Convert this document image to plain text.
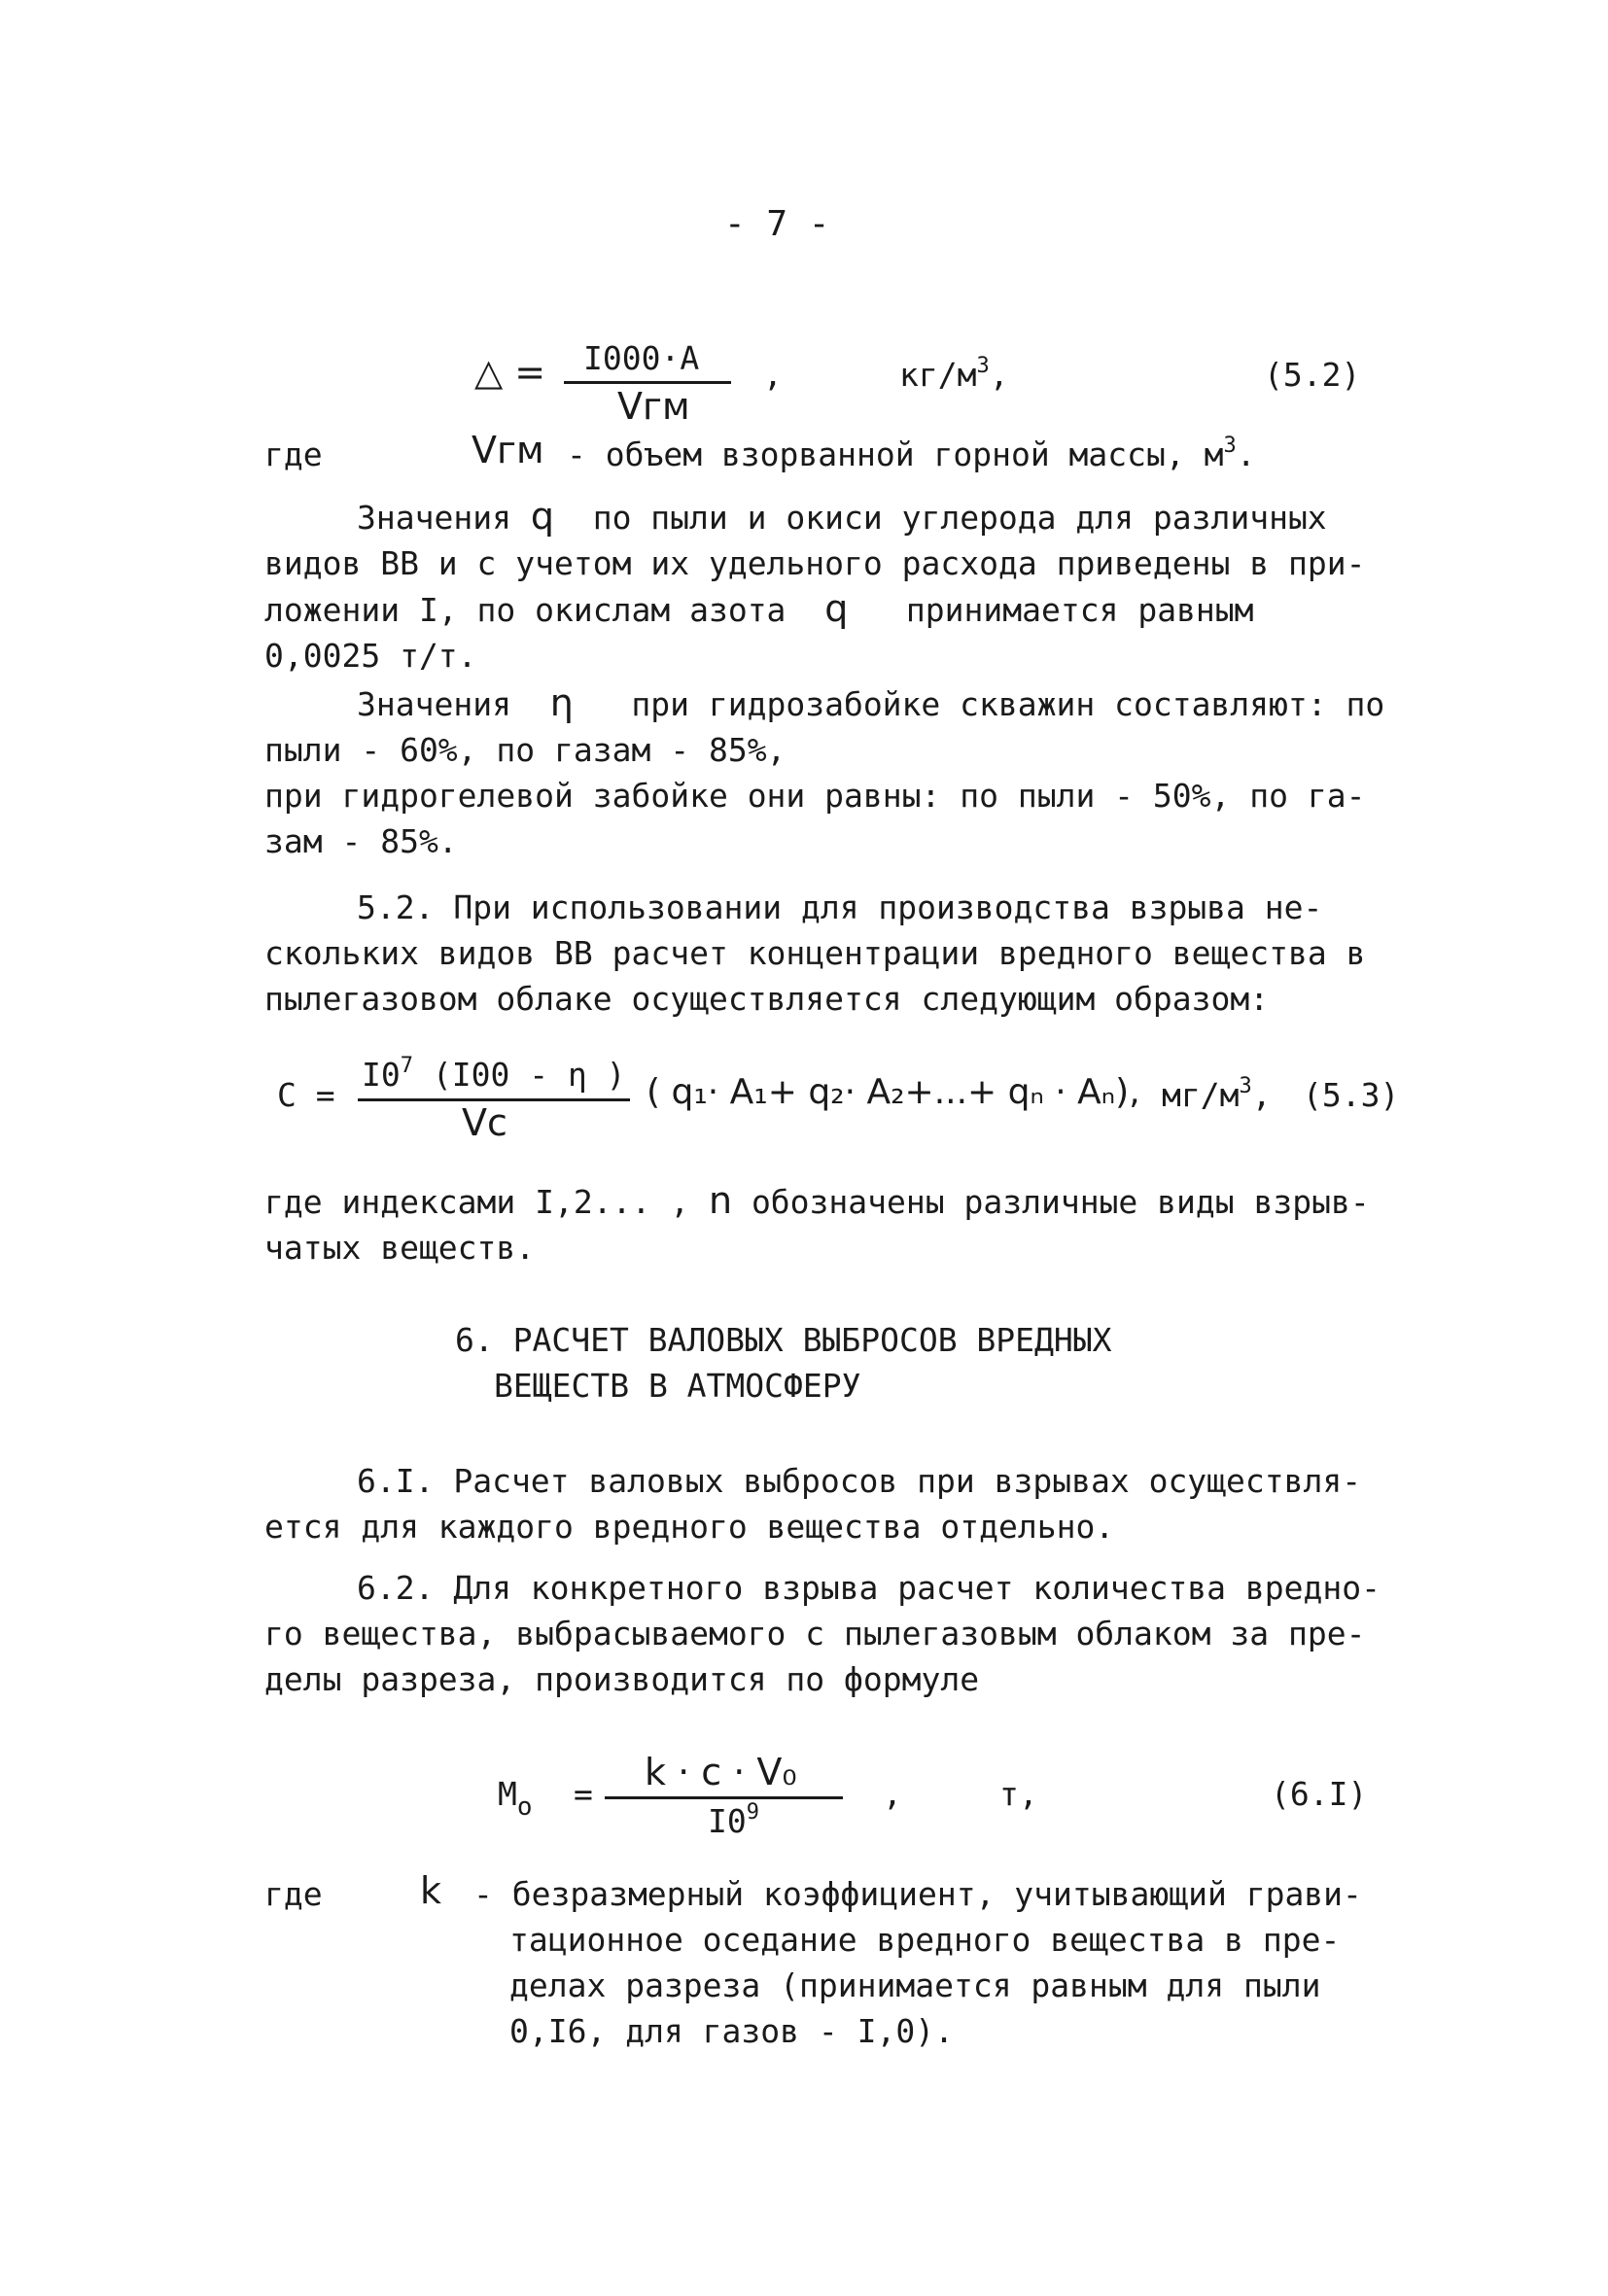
- 7 -
△ = I000·A
Vгм
,	$кг/м^3$,	(5.2)
где	Vгм - объем взорванной горной массы, $м^3$.
Значения q по пыли и окиси углерода для различных
видов ВВ и с учетом их удельного расхода приведены в при-
ложении I, по окислам азота q принимается равным
0,0025 т/т.
Значения η при гидрозабойке скважин составляют: по
пыли - 60%, по газам - 85%,
при гидрогелевой забойке они равны: по пыли - 50%, по га-
зам - 85%.
5.2. При использовании для производства взрыва не-
скольких видов ВВ расчет концентрации вредного вещества в
пылегазовом облаке осуществляется следующим образом:
C =
$I0^7$ (I00 - η )
Vc
( q₁· A₁+ q₂· A₂+...+ qₙ · Aₙ), $мг/м^3$, (5.3)
где индексами I,2... , n обозначены различные виды взрыв-
чатых веществ.
6. РАСЧЕТ ВАЛОВЫХ ВЫБРОСОВ ВРЕДНЫХ
ВЕЩЕСТВ В АТМОСФЕРУ
6.I. Расчет валовых выбросов при взрывах осуществля-
ется для каждого вредного вещества отдельно.
6.2. Для конкретного взрыва расчет количества вредно-
го вещества, выбрасываемого с пылегазовым облаком за пре-
делы разреза, производится по формуле
$M_o$ =
k · c · V₀
$I0^9$	,	т,	(6.I)
где	k - безразмерный коэффициент, учитывающий грави-
тационное оседание вредного вещества в пре-
делах разреза (принимается равным для пыли
0,I6, для газов - I,0).
